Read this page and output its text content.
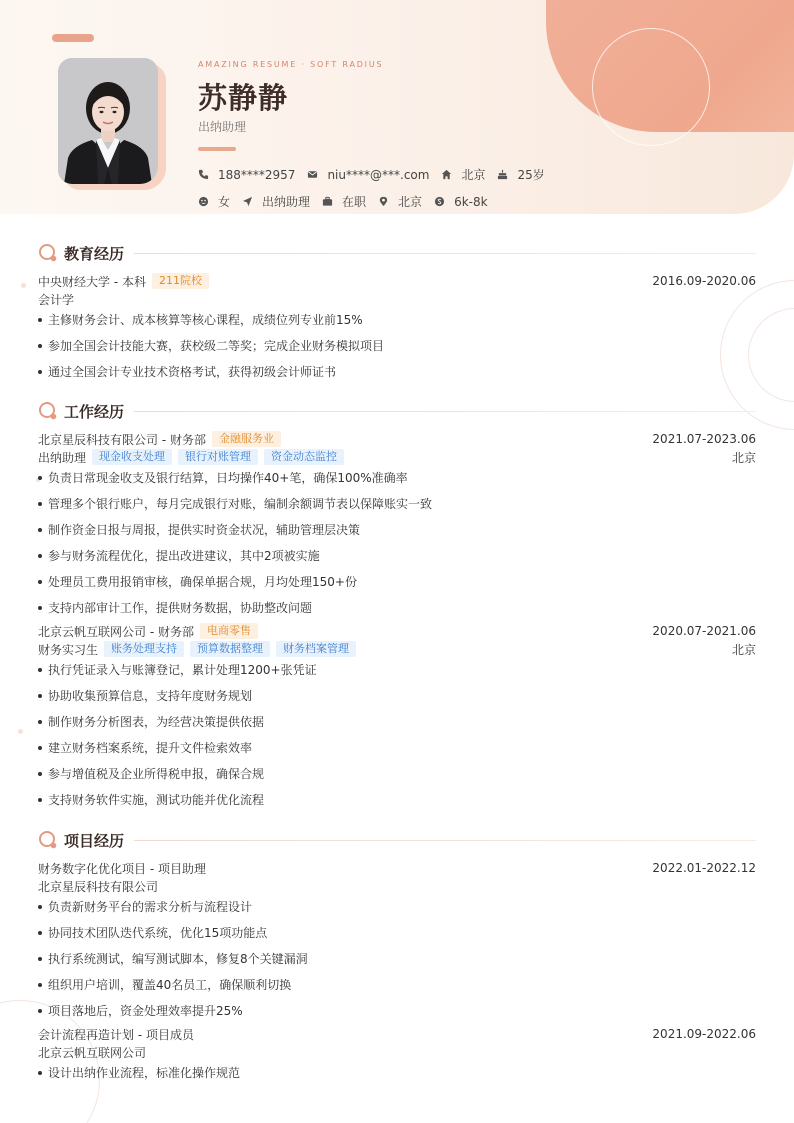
AMAZING RESUME · SOFT RADIUS
苏静静
出纳助理
188****2957	niu****@***.com	北京	25岁
女	出纳助理	在职	北京	6k-8k
教育经历
中央财经大学 - 本科	211院校	2016.09-2020.06
会计学
主修财务会计、成本核算等核心课程，成绩位列专业前15%
参加全国会计技能大赛，获校级二等奖；完成企业财务模拟项目
通过全国会计专业技术资格考试，获得初级会计师证书
工作经历
北京星辰科技有限公司 - 财务部	金融服务业	2021.07-2023.06
出纳助理	现金收支处理	银行对账管理	资金动态监控	北京
负责日常现金收支及银行结算，日均操作40+笔，确保100%准确率
管理多个银行账户，每月完成银行对账，编制余额调节表以保障账实一致
制作资金日报与周报，提供实时资金状况，辅助管理层决策
参与财务流程优化，提出改进建议，其中2项被实施
处理员工费用报销审核，确保单据合规，月均处理150+份
支持内部审计工作，提供财务数据，协助整改问题
北京云帆互联网公司 - 财务部	电商零售	2020.07-2021.06
财务实习生	账务处理支持	预算数据整理	财务档案管理	北京
执行凭证录入与账簿登记，累计处理1200+张凭证
协助收集预算信息，支持年度财务规划
制作财务分析图表，为经营决策提供依据
建立财务档案系统，提升文件检索效率
参与增值税及企业所得税申报，确保合规
支持财务软件实施，测试功能并优化流程
项目经历
财务数字化优化项目 - 项目助理	2022.01-2022.12
北京星辰科技有限公司
负责新财务平台的需求分析与流程设计
协同技术团队迭代系统，优化15项功能点
执行系统测试，编写测试脚本，修复8个关键漏洞
组织用户培训，覆盖40名员工，确保顺利切换
项目落地后，资金处理效率提升25%
会计流程再造计划 - 项目成员	2021.09-2022.06
北京云帆互联网公司
设计出纳作业流程，标准化操作规范
